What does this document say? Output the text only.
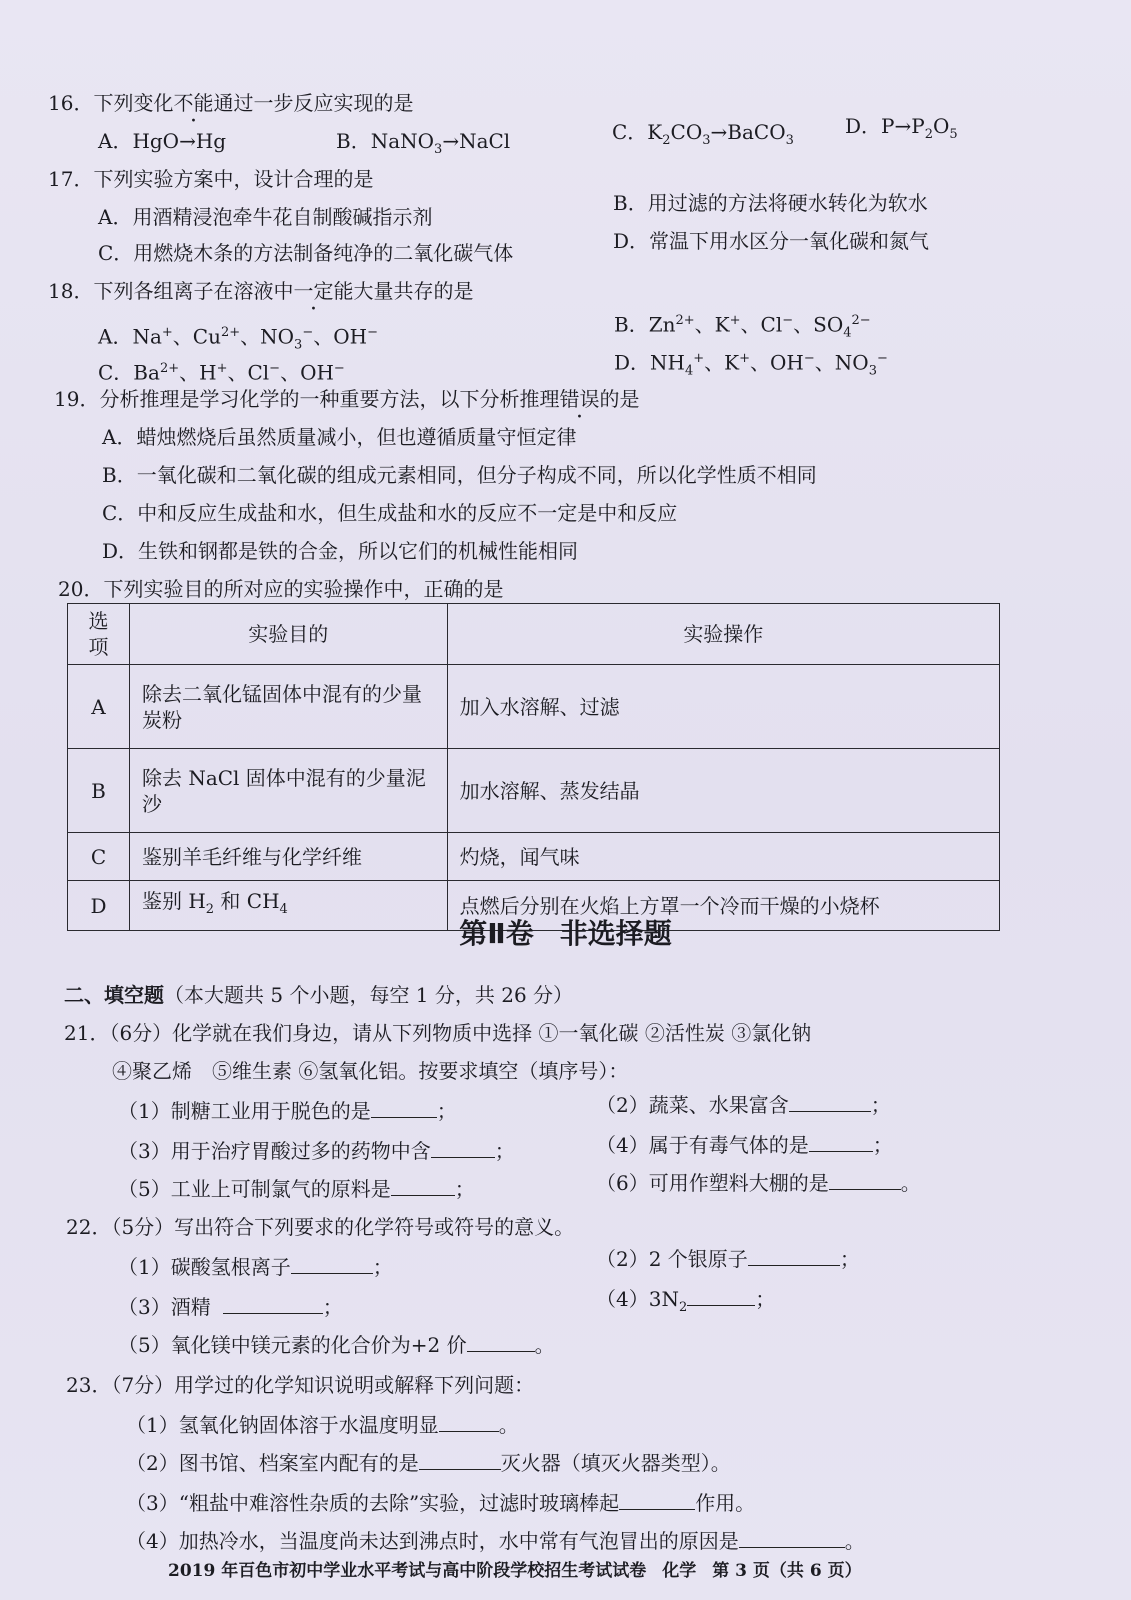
16．下列变化不能通过一步反应实现的是
A．HgO→Hg	B．NaNO$_3$→NaCl	C．$K_2CO_3\to BaCO_3$
D．$P\to P_2O_5$
17．下列实验方案中，设计合理的是
A．用酒精浸泡牵牛花自制酸碱指示剂
B．用过滤的方法将硬水转化为软水
C．用燃烧木条的方法制备纯净的二氧化碳气体	D．常温下用水区分一氧化碳和氮气
18．下列各组离子在溶液中一定能大量共存的是
A．Na+、$Cu^{2+}$、$NO_3^-$、OH−	B．$Zn^{2+}$、K+、Cl−、$SO_4^{2-}$
C．$Ba^{2+}$、H+、Cl−、OH−	D．$NH_4^+$、K+、OH−、$NO_3^-$
19．分析推理是学习化学的一种重要方法，以下分析推理错误的是
A．蜡烛燃烧后虽然质量减小，但也遵循质量守恒定律
B．一氧化碳和二氧化碳的组成元素相同，但分子构成不同，所以化学性质不相同
C．中和反应生成盐和水，但生成盐和水的反应不一定是中和反应
D．生铁和钢都是铁的合金，所以它们的机械性能相同
20．下列实验目的所对应的实验操作中，正确的是
选项	实验目的	实验操作
A	除去二氧化锰固体中混有的少量炭粉	加入水溶解、过滤
B	除去 NaCl 固体中混有的少量泥沙	加水溶解、蒸发结晶
C	鉴别羊毛纤维与化学纤维	灼烧，闻气味
D	鉴别 $H_2$ 和 $CH_4$	点燃后分别在火焰上方罩一个冷而干燥的小烧杯
第Ⅱ卷 非选择题
二、填空题（本大题共 5 个小题，每空 1 分，共 26 分）
21．（6分）化学就在我们身边，请从下列物质中选择 ①一氧化碳 ②活性炭 ③氯化钠
④聚乙烯　⑤维生素 ⑥氢氧化铝。按要求填空（填序号）：
（1）制糖工业用于脱色的是	；	（2）蔬菜、水果富含	；
（3）用于治疗胃酸过多的药物中含	；	（4）属于有毒气体的是	；
（5）工业上可制氯气的原料是	；	（6）可用作塑料大棚的是	。
22．（5分）写出符合下列要求的化学符号或符号的意义。
（1）碳酸氢根离子	；	（2）2 个银原子	；
（3）酒精	；	$(4)3N_2$	；
（5）氧化镁中镁元素的化合价为+2 价	。
23．（7分）用学过的化学知识说明或解释下列问题：
（1）氢氧化钠固体溶于水温度明显	。
（2）图书馆、档案室内配有的是	灭火器（填灭火器类型）。
（3）“粗盐中难溶性杂质的去除”实验，过滤时玻璃棒起	作用。
（4）加热冷水，当温度尚未达到沸点时，水中常有气泡冒出的原因是	。
2019 年百色市初中学业水平考试与高中阶段学校招生考试试卷 化学 第 3 页（共 6 页）
